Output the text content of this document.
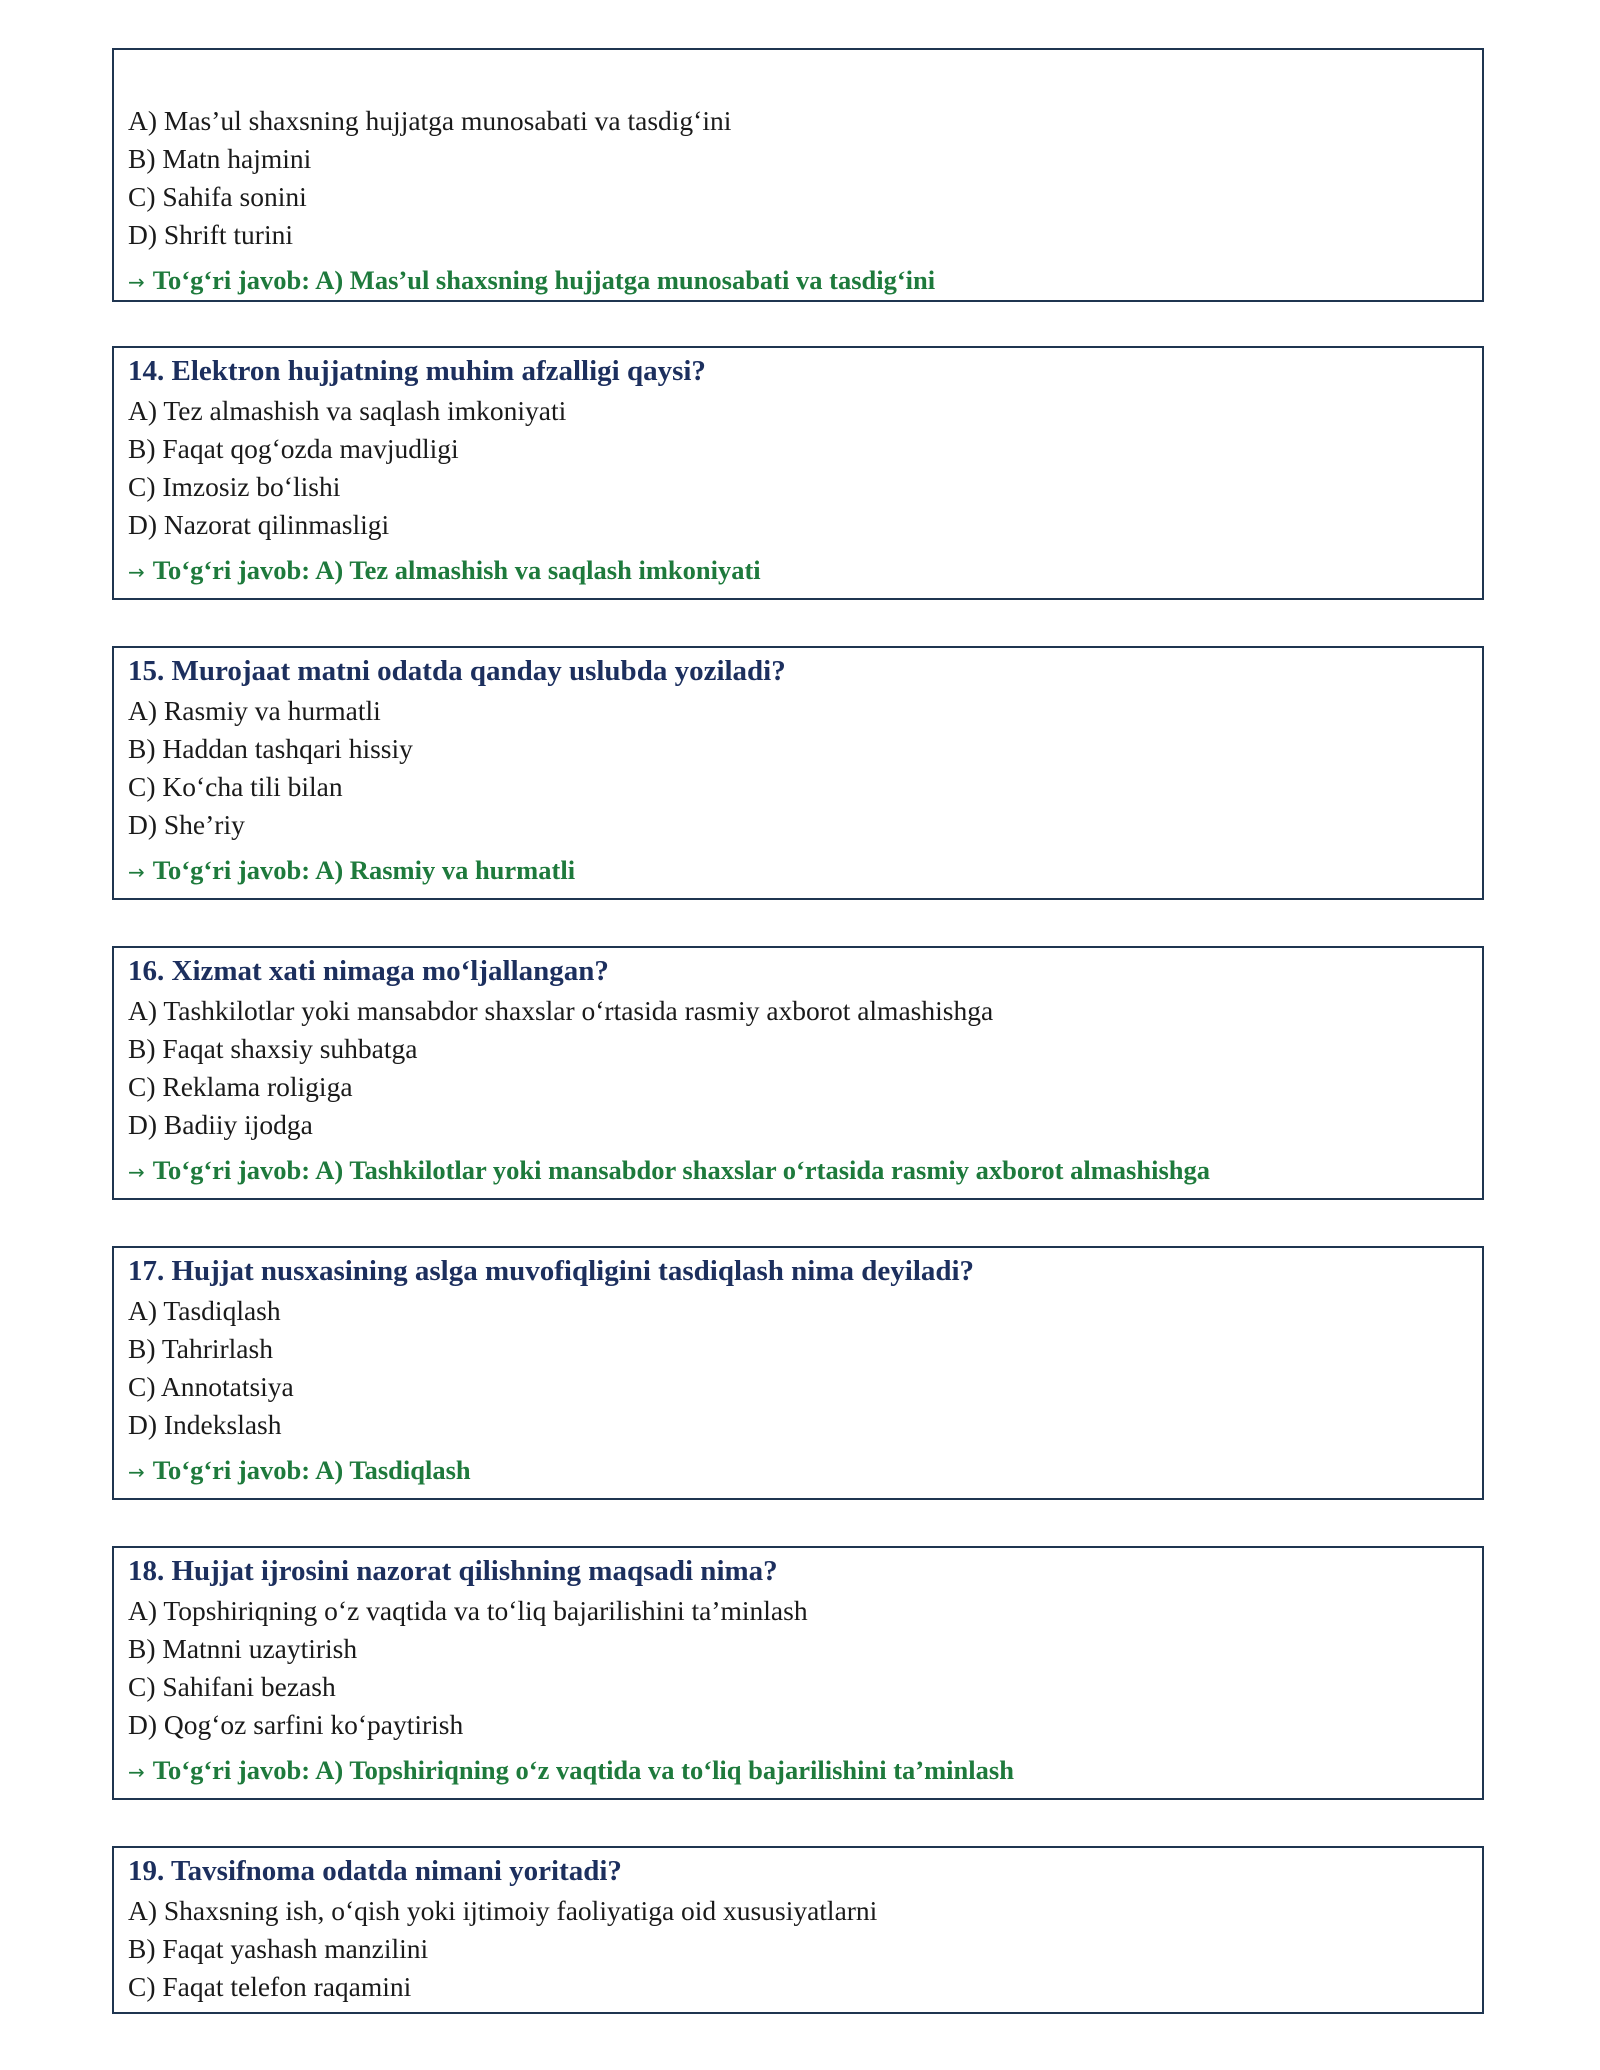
A) Mas’ul shaxsning hujjatga munosabati va tasdig‘ini
B) Matn hajmini
C) Sahifa sonini
D) Shrift turini
→ To‘g‘ri javob: A) Mas’ul shaxsning hujjatga munosabati va tasdig‘ini
14. Elektron hujjatning muhim afzalligi qaysi?
A) Tez almashish va saqlash imkoniyati
B) Faqat qog‘ozda mavjudligi
C) Imzosiz bo‘lishi
D) Nazorat qilinmasligi
→ To‘g‘ri javob: A) Tez almashish va saqlash imkoniyati
15. Murojaat matni odatda qanday uslubda yoziladi?
A) Rasmiy va hurmatli
B) Haddan tashqari hissiy
C) Ko‘cha tili bilan
D) She’riy
→ To‘g‘ri javob: A) Rasmiy va hurmatli
16. Xizmat xati nimaga mo‘ljallangan?
A) Tashkilotlar yoki mansabdor shaxslar o‘rtasida rasmiy axborot almashishga
B) Faqat shaxsiy suhbatga
C) Reklama roligiga
D) Badiiy ijodga
→ To‘g‘ri javob: A) Tashkilotlar yoki mansabdor shaxslar o‘rtasida rasmiy axborot almashishga
17. Hujjat nusxasining aslga muvofiqligini tasdiqlash nima deyiladi?
A) Tasdiqlash
B) Tahrirlash
C) Annotatsiya
D) Indekslash
→ To‘g‘ri javob: A) Tasdiqlash
18. Hujjat ijrosini nazorat qilishning maqsadi nima?
A) Topshiriqning o‘z vaqtida va to‘liq bajarilishini ta’minlash
B) Matnni uzaytirish
C) Sahifani bezash
D) Qog‘oz sarfini ko‘paytirish
→ To‘g‘ri javob: A) Topshiriqning o‘z vaqtida va to‘liq bajarilishini ta’minlash
19. Tavsifnoma odatda nimani yoritadi?
A) Shaxsning ish, o‘qish yoki ijtimoiy faoliyatiga oid xususiyatlarni
B) Faqat yashash manzilini
C) Faqat telefon raqamini
